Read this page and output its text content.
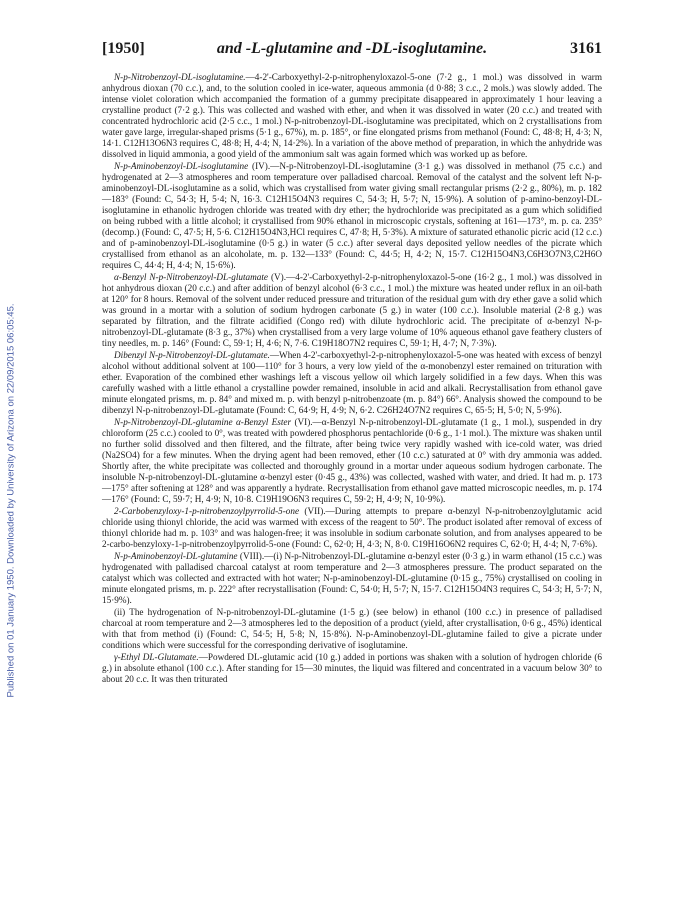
Published on 01 January 1950. Downloaded by University of Arizona on 22/09/2015 06:05:45.
[1950]	and -L-glutamine and -DL-isoglutamine.	3161

N-p-Nitrobenzoyl-DL-isoglutamine.—4-2'-Carboxyethyl-2-p-nitrophenyloxazol-5-one (7·2 g., 1 mol.) was dissolved in warm anhydrous dioxan (70 c.c.), and, to the solution cooled in ice-water, aqueous ammonia (d 0·88; 3 c.c., 2 mols.) was slowly added. The intense violet coloration which accompanied the formation of a gummy precipitate disappeared in approximately 1 hour leaving a crystalline product (7·2 g.). This was collected and washed with ether, and when it was dissolved in water (20 c.c.) and treated with concentrated hydrochloric acid (2·5 c.c., 1 mol.) N-p-nitrobenzoyl-DL-isoglutamine was precipitated, which on 2 crystallisations from water gave large, irregular-shaped prisms (5·1 g., 67%), m. p. 185°, or fine elongated prisms from methanol (Found: C, 48·8; H, 4·3; N, 14·1. C12H13O6N3 requires C, 48·8; H, 4·4; N, 14·2%). In a variation of the above method of preparation, in which the anhydride was dissolved in liquid ammonia, a good yield of the ammonium salt was again formed which was worked up as before.

N-p-Aminobenzoyl-DL-isoglutamine (IV).—N-p-Nitrobenzoyl-DL-isoglutamine (3·1 g.) was dissolved in methanol (75 c.c.) and hydrogenated at 2—3 atmospheres and room temperature over palladised charcoal. Removal of the catalyst and the solvent left N-p-aminobenzoyl-DL-isoglutamine as a solid, which was crystallised from water giving small rectangular prisms (2·2 g., 80%), m. p. 182—183° (Found: C, 54·3; H, 5·4; N, 16·3. C12H15O4N3 requires C, 54·3; H, 5·7; N, 15·9%). A solution of p-amino-benzoyl-DL-isoglutamine in ethanolic hydrogen chloride was treated with dry ether; the hydrochloride was precipitated as a gum which solidified on being rubbed with a little alcohol; it crystallised from 90% ethanol in microscopic crystals, softening at 161—173°, m. p. ca. 235° (decomp.) (Found: C, 47·5; H, 5·6. C12H15O4N3,HCl requires C, 47·8; H, 5·3%). A mixture of saturated ethanolic picric acid (12 c.c.) and of p-aminobenzoyl-DL-isoglutamine (0·5 g.) in water (5 c.c.) after several days deposited yellow needles of the picrate which crystallised from ethanol as an alcoholate, m. p. 132—133° (Found: C, 44·5; H, 4·2; N, 15·7. C12H15O4N3,C6H3O7N3,C2H6O requires C, 44·4; H, 4·4; N, 15·6%).

α-Benzyl N-p-Nitrobenzoyl-DL-glutamate (V).—4-2'-Carboxyethyl-2-p-nitrophenyloxazol-5-one (16·2 g., 1 mol.) was dissolved in hot anhydrous dioxan (20 c.c.) and after addition of benzyl alcohol (6·3 c.c., 1 mol.) the mixture was heated under reflux in an oil-bath at 120° for 8 hours. Removal of the solvent under reduced pressure and trituration of the residual gum with dry ether gave a solid which was ground in a mortar with a solution of sodium hydrogen carbonate (5 g.) in water (100 c.c.). Insoluble material (2·8 g.) was separated by filtration, and the filtrate acidified (Congo red) with dilute hydrochloric acid. The precipitate of α-benzyl N-p-nitrobenzoyl-DL-glutamate (8·3 g., 37%) when crystallised from a very large volume of 10% aqueous ethanol gave feathery clusters of tiny needles, m. p. 146° (Found: C, 59·1; H, 4·6; N, 7·6. C19H18O7N2 requires C, 59·1; H, 4·7; N, 7·3%).

Dibenzyl N-p-Nitrobenzoyl-DL-glutamate.—When 4-2'-carboxyethyl-2-p-nitrophenyloxazol-5-one was heated with excess of benzyl alcohol without additional solvent at 100—110° for 3 hours, a very low yield of the α-monobenzyl ester remained on trituration with ether. Evaporation of the combined ether washings left a viscous yellow oil which largely solidified in a few days. When this was carefully washed with a little ethanol a crystalline powder remained, insoluble in acid and alkali. Recrystallisation from ethanol gave minute elongated prisms, m. p. 84° and mixed m. p. with benzyl p-nitrobenzoate (m. p. 84°) 66°. Analysis showed the compound to be dibenzyl N-p-nitrobenzoyl-DL-glutamate (Found: C, 64·9; H, 4·9; N, 6·2. C26H24O7N2 requires C, 65·5; H, 5·0; N, 5·9%).

N-p-Nitrobenzoyl-DL-glutamine α-Benzyl Ester (VI).—α-Benzyl N-p-nitrobenzoyl-DL-glutamate (1 g., 1 mol.), suspended in dry chloroform (25 c.c.) cooled to 0°, was treated with powdered phosphorus pentachloride (0·6 g., 1·1 mol.). The mixture was shaken until no further solid dissolved and then filtered, and the filtrate, after being twice very rapidly washed with ice-cold water, was dried (Na2SO4) for a few minutes. When the drying agent had been removed, ether (10 c.c.) saturated at 0° with dry ammonia was added. Shortly after, the white precipitate was collected and thoroughly ground in a mortar under aqueous sodium hydrogen carbonate. The insoluble N-p-nitrobenzoyl-DL-glutamine α-benzyl ester (0·45 g., 43%) was collected, washed with water, and dried. It had m. p. 173—175° after softening at 128° and was apparently a hydrate. Recrystallisation from ethanol gave matted microscopic needles, m. p. 174—176° (Found: C, 59·7; H, 4·9; N, 10·8. C19H19O6N3 requires C, 59·2; H, 4·9; N, 10·9%).

2-Carbobenzyloxy-1-p-nitrobenzoylpyrrolid-5-one (VII).—During attempts to prepare α-benzyl N-p-nitrobenzoylglutamic acid chloride using thionyl chloride, the acid was warmed with excess of the reagent to 50°. The product isolated after removal of excess of thionyl chloride had m. p. 103° and was halogen-free; it was insoluble in sodium carbonate solution, and from analyses appeared to be 2-carbo-benzyloxy-1-p-nitrobenzoylpyrrolid-5-one (Found: C, 62·0; H, 4·3; N, 8·0. C19H16O6N2 requires C, 62·0; H, 4·4; N, 7·6%).

N-p-Aminobenzoyl-DL-glutamine (VIII).—(i) N-p-Nitrobenzoyl-DL-glutamine α-benzyl ester (0·3 g.) in warm ethanol (15 c.c.) was hydrogenated with palladised charcoal catalyst at room temperature and 2—3 atmospheres pressure. The product separated on the catalyst which was collected and extracted with hot water; N-p-aminobenzoyl-DL-glutamine (0·15 g., 75%) crystallised on cooling in minute elongated prisms, m. p. 222° after recrystallisation (Found: C, 54·0; H, 5·7; N, 15·7. C12H15O4N3 requires C, 54·3; H, 5·7; N, 15·9%).

(ii) The hydrogenation of N-p-nitrobenzoyl-DL-glutamine (1·5 g.) (see below) in ethanol (100 c.c.) in presence of palladised charcoal at room temperature and 2—3 atmospheres led to the deposition of a product (yield, after crystallisation, 0·6 g., 45%) identical with that from method (i) (Found: C, 54·5; H, 5·8; N, 15·8%). N-p-Aminobenzoyl-DL-glutamine failed to give a picrate under conditions which were successful for the corresponding derivative of isoglutamine.

γ-Ethyl DL-Glutamate.—Powdered DL-glutamic acid (10 g.) added in portions was shaken with a solution of hydrogen chloride (6 g.) in absolute ethanol (100 c.c.). After standing for 15—30 minutes, the liquid was filtered and concentrated in a vacuum below 30° to about 20 c.c. It was then triturated
